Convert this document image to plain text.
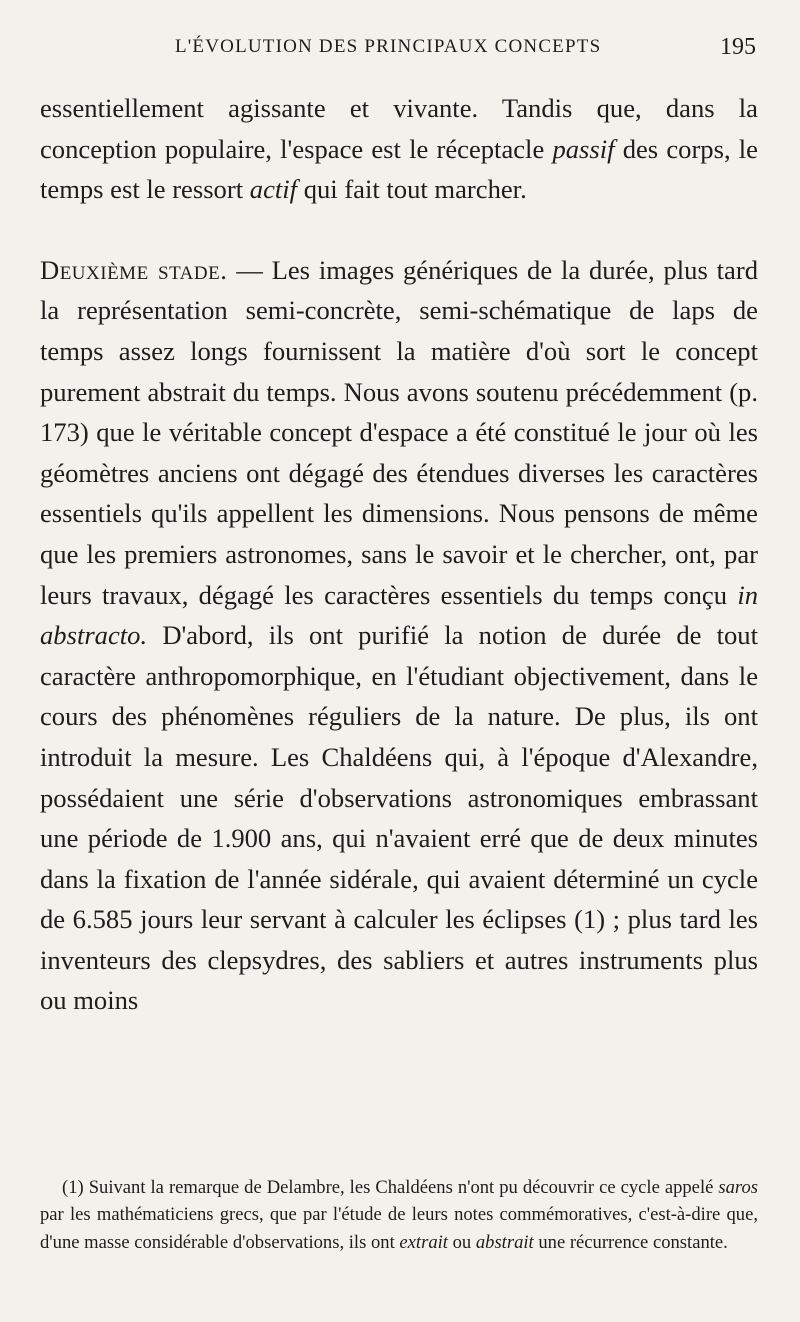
L'ÉVOLUTION DES PRINCIPAUX CONCEPTS	195

essentiellement agissante et vivante. Tandis que, dans la conception populaire, l'espace est le réceptacle passif des corps, le temps est le ressort actif qui fait tout marcher.

Deuxième stade. — Les images génériques de la durée, plus tard la représentation semi-concrète, semi-schématique de laps de temps assez longs fournissent la matière d'où sort le concept purement abstrait du temps. Nous avons soutenu précédemment (p. 173) que le véritable concept d'espace a été constitué le jour où les géomètres anciens ont dégagé des étendues diverses les caractères essentiels qu'ils appellent les dimensions. Nous pensons de même que les premiers astronomes, sans le savoir et le chercher, ont, par leurs travaux, dégagé les caractères essentiels du temps conçu in abstracto. D'abord, ils ont purifié la notion de durée de tout caractère anthropomorphique, en l'étudiant objectivement, dans le cours des phénomènes réguliers de la nature. De plus, ils ont introduit la mesure. Les Chaldéens qui, à l'époque d'Alexandre, possédaient une série d'observations astronomiques embrassant une période de 1.900 ans, qui n'avaient erré que de deux minutes dans la fixation de l'année sidérale, qui avaient déterminé un cycle de 6.585 jours leur servant à calculer les éclipses (1) ; plus tard les inventeurs des clepsydres, des sabliers et autres instruments plus ou moins

(1) Suivant la remarque de Delambre, les Chaldéens n'ont pu découvrir ce cycle appelé saros par les mathématiciens grecs, que par l'étude de leurs notes commémoratives, c'est-à-dire que, d'une masse considérable d'observations, ils ont extrait ou abstrait une récurrence constante.
